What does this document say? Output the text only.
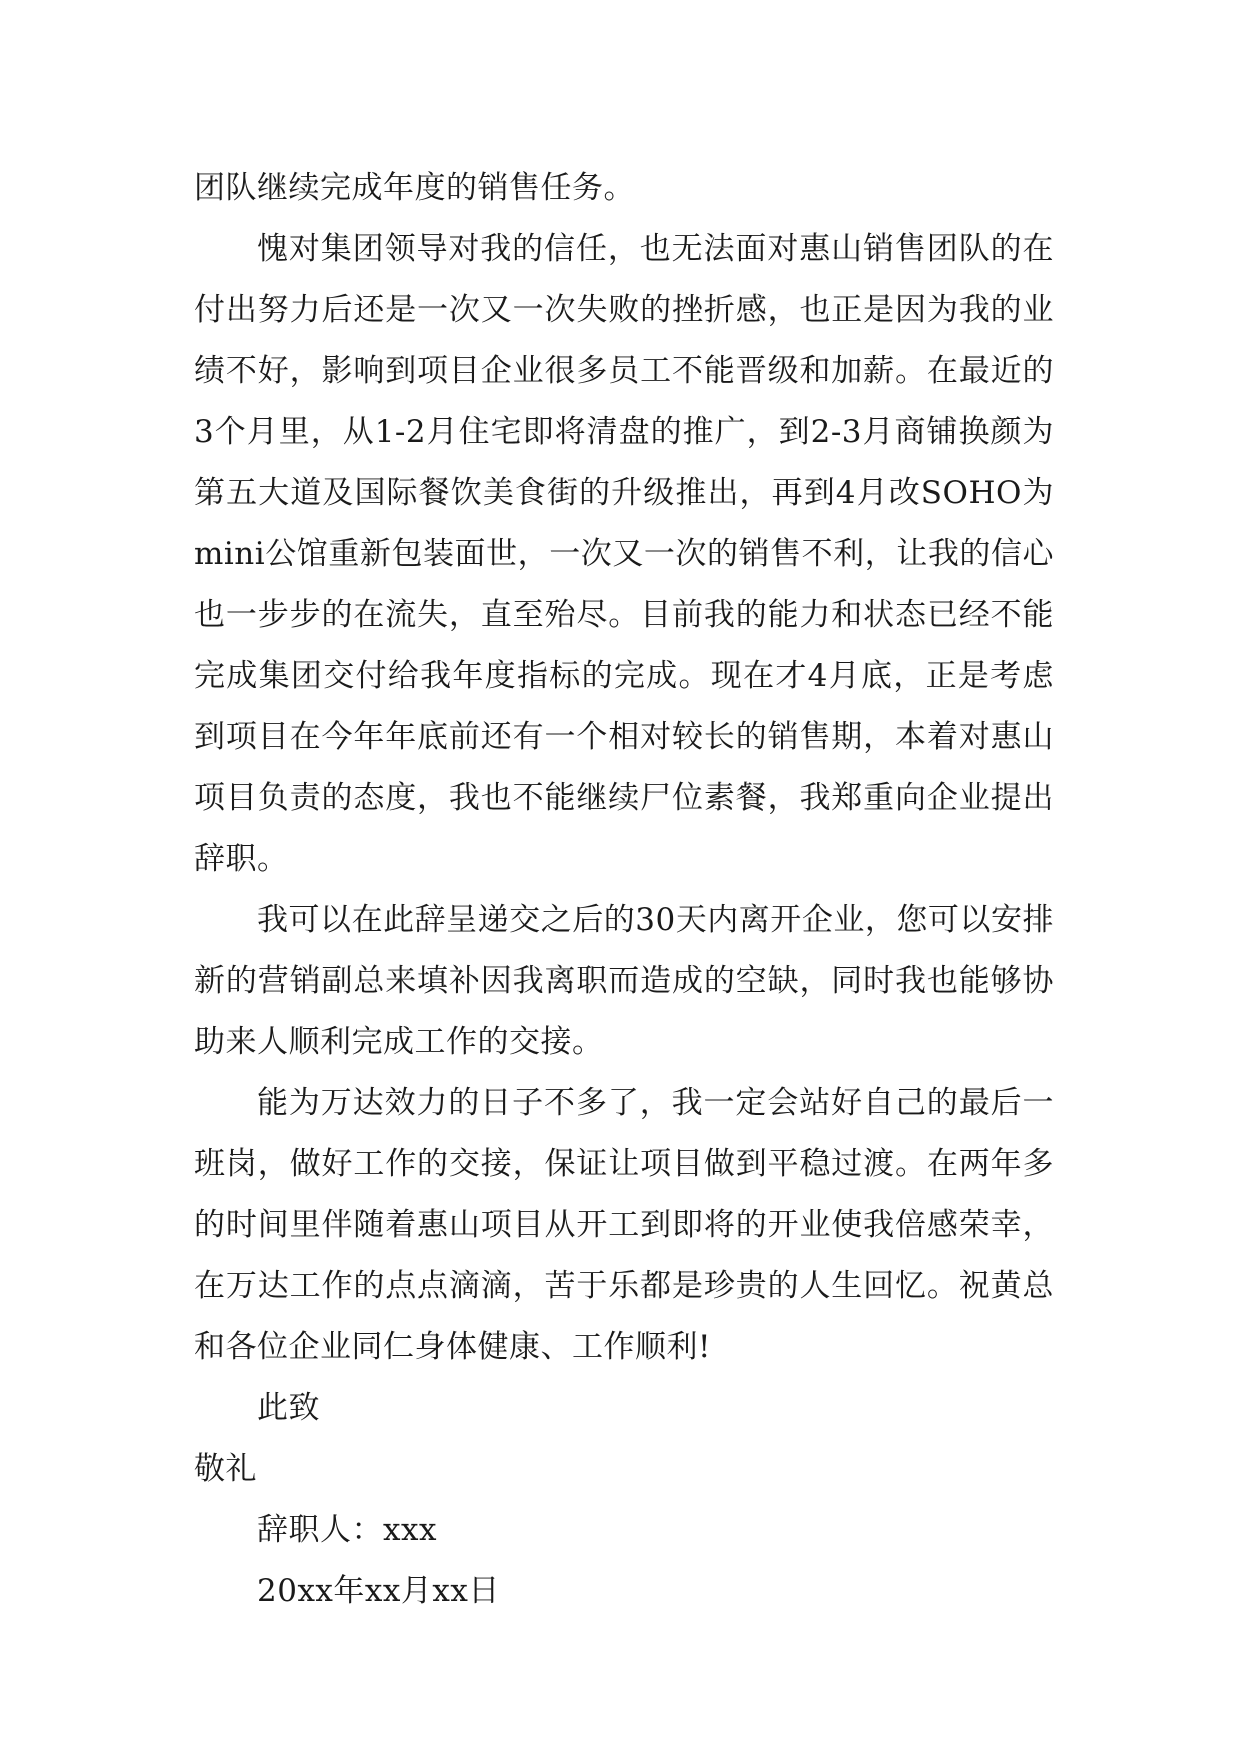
团队继续完成年度的销售任务。

愧对集团领导对我的信任，也无法面对惠山销售团队的在付出努力后还是一次又一次失败的挫折感，也正是因为我的业绩不好，影响到项目企业很多员工不能晋级和加薪。在最近的3个月里，从1-2月住宅即将清盘的推广，到2-3月商铺换颜为第五大道及国际餐饮美食街的升级推出，再到4月改SOHO为mini公馆重新包装面世，一次又一次的销售不利，让我的信心也一步步的在流失，直至殆尽。目前我的能力和状态已经不能完成集团交付给我年度指标的完成。现在才4月底，正是考虑到项目在今年年底前还有一个相对较长的销售期，本着对惠山项目负责的态度，我也不能继续尸位素餐，我郑重向企业提出辞职。

我可以在此辞呈递交之后的30天内离开企业，您可以安排新的营销副总来填补因我离职而造成的空缺，同时我也能够协助来人顺利完成工作的交接。

能为万达效力的日子不多了，我一定会站好自己的最后一班岗，做好工作的交接，保证让项目做到平稳过渡。在两年多的时间里伴随着惠山项目从开工到即将的开业使我倍感荣幸，在万达工作的点点滴滴，苦于乐都是珍贵的人生回忆。祝黄总和各位企业同仁身体健康、工作顺利!

此致

敬礼

辞职人：xxx

20xx年xx月xx日
